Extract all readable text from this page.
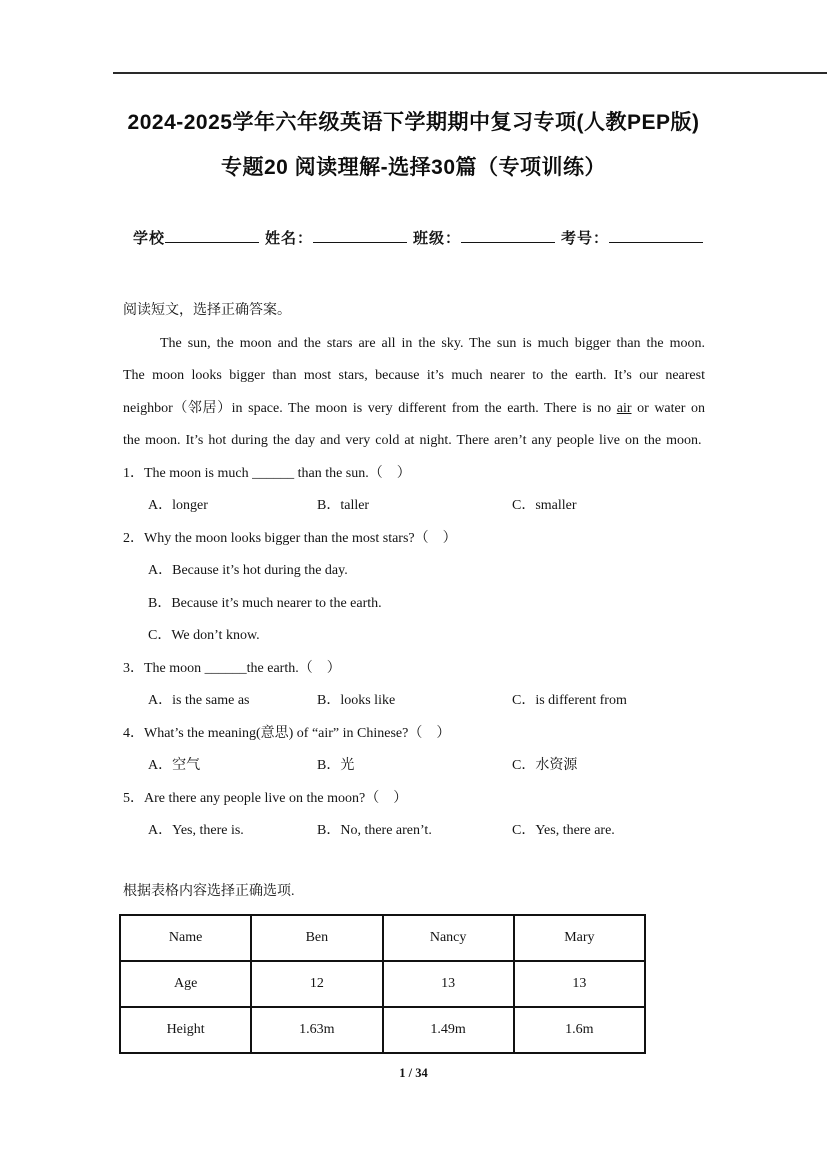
2024-2025学年六年级英语下学期期中复习专项(人教PEP版)
专题20 阅读理解-选择30篇（专项训练）
学校	姓名：	班级：	考号：
阅读短文，选择正确答案。
The sun, the moon and the stars are all in the sky. The sun is much bigger than the moon. The moon looks bigger than most stars, because it’s much nearer to the earth. It’s our nearest neighbor（邻居）in space. The moon is very different from the earth. There is no air or water on the moon. It’s hot during the day and very cold at night. There aren’t any people live on the moon.
1．The moon is much ______ than the sun.（　）
A．longer	B．taller	C．smaller
2．Why the moon looks bigger than the most stars?（　）
A．Because it’s hot during the day.
B．Because it’s much nearer to the earth.
C．We don’t know.
3．The moon ______the earth.（　）
A．is the same as	B．looks like	C．is different from
4．What’s the meaning(意思) of “air” in Chinese?（　）
A．空气	B．光	C．水资源
5．Are there any people live on the moon?（　）
A．Yes, there is.	B．No, there aren’t.	C．Yes, there are.
根据表格内容选择正确选项.
Name	Ben	Nancy	Mary
Age	12	13	13
Height	1.63m	1.49m	1.6m
1 / 34
